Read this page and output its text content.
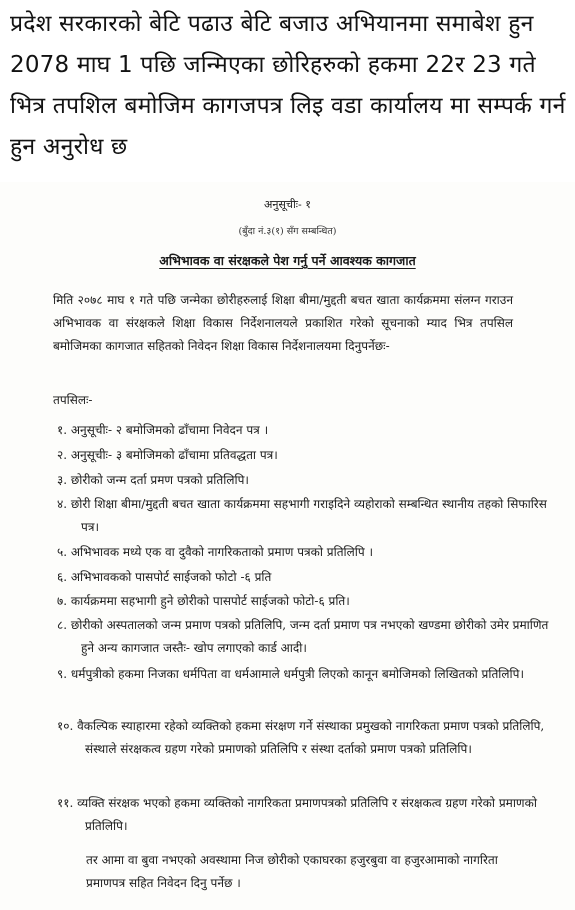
प्रदेश सरकारको बेटि पढाउ बेटि बजाउ अभियानमा समाबेश हुन 2078 माघ 1 पछि जन्मिएका छोरिहरुको हकमा 22र 23 गते भित्र तपशिल बमोजिम कागजपत्र लिइ वडा कार्यालय मा सम्पर्क गर्न हुन अनुरोध छ
अनुसूचीः- १
(बुँदा नं.३(१) सँग सम्बन्धित)
अभिभावक वा संरक्षकले पेश गर्नु पर्ने आवश्यक कागजात
मिति २०७८ माघ १ गते पछि जन्मेका छोरीहरुलाई शिक्षा बीमा/मुद्दती बचत खाता कार्यक्रममा संलग्न गराउन अभिभावक वा संरक्षकले शिक्षा विकास निर्देशनालयले प्रकाशित गरेको सूचनाको म्याद भित्र तपसिल बमोजिमका कागजात सहितको निवेदन शिक्षा विकास निर्देशनालयमा दिनुपर्नेछः-
तपसिलः-
१. अनुसूचीः- २ बमोजिमको ढाँचामा निवेदन पत्र ।
२. अनुसूचीः- ३ बमोजिमको ढाँचामा प्रतिवद्धता पत्र।
३. छोरीको जन्म दर्ता प्रमण पत्रको प्रतिलिपि।
४. छोरी शिक्षा बीमा/मुद्दती बचत खाता कार्यक्रममा सहभागी गराइदिने व्यहोराको सम्बन्धित स्थानीय तहको सिफारिस पत्र।
५. अभिभावक मध्ये एक वा दुवैको नागरिकताको प्रमाण पत्रको प्रतिलिपि ।
६. अभिभावकको पासपोर्ट साईजको फोटो -६ प्रति
७. कार्यक्रममा सहभागी हुने छोरीको पासपोर्ट साईजको फोटो-६ प्रति।
८. छोरीको अस्पतालको जन्म प्रमाण पत्रको प्रतिलिपि, जन्म दर्ता प्रमाण पत्र नभएको खण्डमा छोरीको उमेर प्रमाणित हुने अन्य कागजात जस्तैः- खोप लगाएको कार्ड आदी।
९. धर्मपुत्रीको हकमा निजका धर्मपिता वा धर्मआमाले धर्मपुत्री लिएको कानून बमोजिमको लिखितको प्रतिलिपि।
१०. वैकल्पिक स्याहारमा रहेको व्यक्तिको हकमा संरक्षण गर्ने संस्थाका प्रमुखको नागरिकता प्रमाण पत्रको प्रतिलिपि, संस्थाले संरक्षकत्व ग्रहण गरेको प्रमाणको प्रतिलिपि र संस्था दर्ताको प्रमाण पत्रको प्रतिलिपि।
११. व्यक्ति संरक्षक भएको हकमा व्यक्तिको नागरिकता प्रमाणपत्रको प्रतिलिपि र संरक्षकत्व ग्रहण गरेको प्रमाणको प्रतिलिपि।
तर आमा वा बुवा नभएको अवस्थामा निज छोरीको एकाघरका हजुरबुवा वा हजुरआमाको नागरिता प्रमाणपत्र सहित निवेदन दिनु पर्नेछ ।
